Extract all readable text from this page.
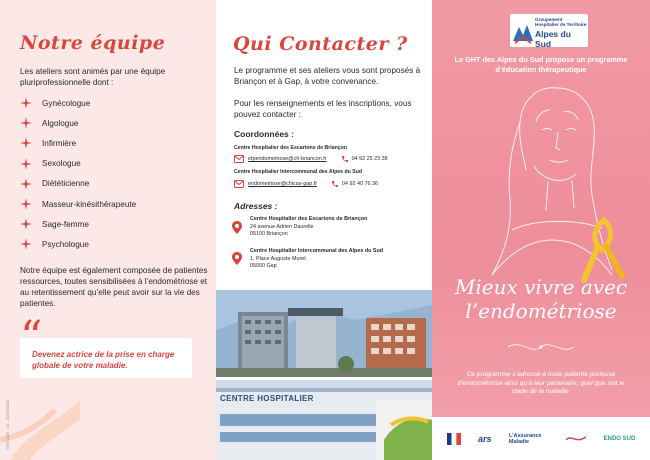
Notre équipe

Les ateliers sont animés par une équipe pluriprofessionnelle dont :

Gynécologue
Algologue
Infirmière
Sexologue
Diététicienne
Masseur-kinésithérapeute
Sage-femme
Psychologue

Notre équipe est également composée de patientes ressources, toutes sensibilisées à l’endométriose et au retentissement qu’elle peut avoir sur la vie des patientes.

“

Devenez actrice de la prise en charge globale de votre maladie.

GHT AdS - V1 - 20/07/2023
Qui Contacter ?

Le programme et ses ateliers vous sont proposés à Briançon et à Gap, à votre convenance.

Pour les renseignements et les inscriptions, vous pouvez contacter :

Coordonnées :
Centre Hospitalier des Escartons de Briançon
etpendometriose@ch-briancon.fr	04 92 25 23 38
Centre Hospitalier Intercommunal des Alpes du Sud
endometriose@chicas-gap.fr	04 92 40 76 36
Adresses :
Centre Hospitalier des Escartons de Briançon
24 avenue Adrien Daurelle
05100 Briançon
Centre Hospitalier Intercommunal des Alpes du Sud
1, Place Auguste Muret
05000 Gap
CENTRE HOSPITALIER
Groupement
Hospitalier de Territoire
Alpes du Sud

Le GHT des Alpes du Sud propose un programme d’éducation thérapeutique

Mieux vivre avec
l’endométriose

Ce programme s’adresse à toute patiente porteuse d’endométriose ainsi qu’à leur partenaire, quel que soit le stade de la maladie.

ars	L’Assurance Maladie	ENDO SUD
